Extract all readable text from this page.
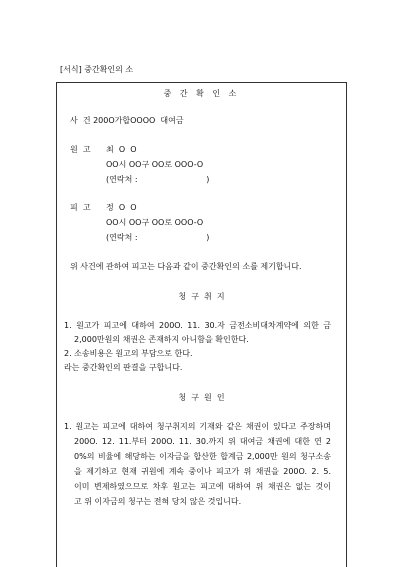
[서식] 중간확인의 소
중 간 확 인 소
사  건 200O가합OOOO  대여금
원  고 최  O  O
OO시 OO구 OO로 OOO-O
(연락처 :                           )
피  고 정  O  O
OO시 OO구 OO로 OOO-O
(연락처 :                           )
위 사건에 관하여 피고는 다음과 같이 중간확인의 소를 제기합니다.
청  구  취  지
1. 원고가 피고에 대하여 200O. 11. 30.자 금전소비대차계약에 의한 금
2,000만원의 채권은 존재하지 아니함을 확인한다.
2. 소송비용은 원고의 부담으로 한다.
라는 중간확인의 판결을 구합니다.
청  구  원  인
1. 원고는 피고에 대하여 청구취지의 기재와 같은 채권이 있다고 주장하며
200O. 12. 11.부터 200O. 11. 30.까지 위 대여금 채권에 대한 연 2
0%의 비율에 해당하는 이자금을 합산한 합계금 2,000만 원의 청구소송
을 제기하고 현재 귀원에 계속 중이나 피고가 위 채권을 200O. 2. 5.
이미 변제하였으므로 차후 원고는 피고에 대하여 위 채권은 없는 것이
고 위 이자금의 청구는 전혀 당치 않은 것입니다.
